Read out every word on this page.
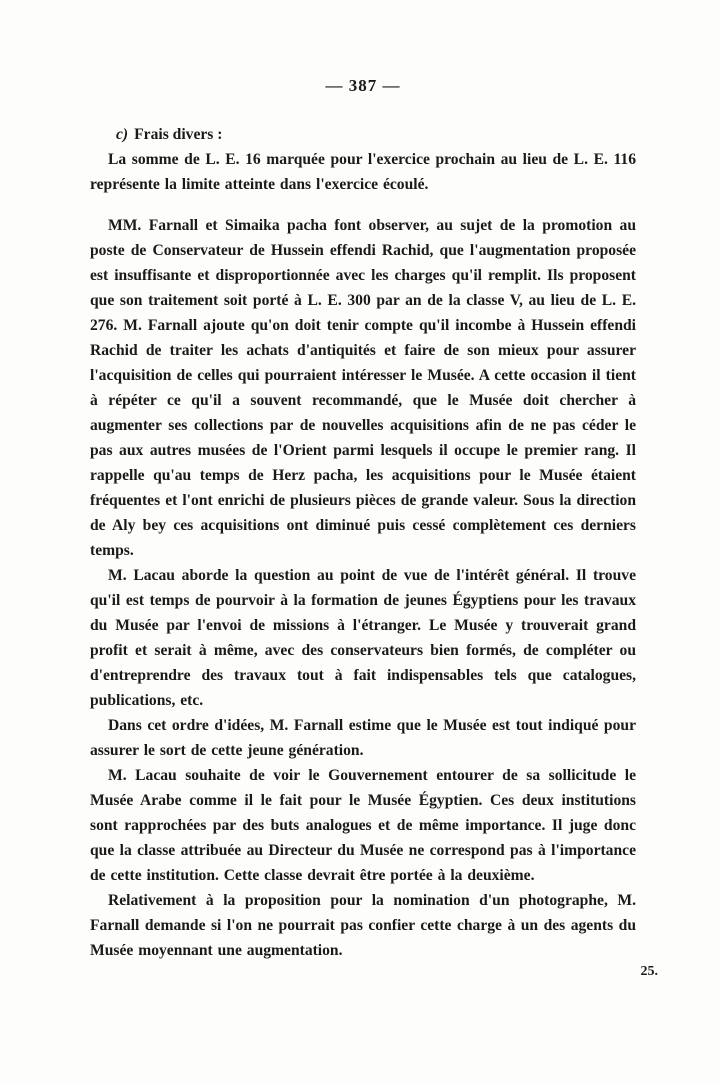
— 387 —

c) Frais divers :

La somme de L. E. 16 marquée pour l'exercice prochain au lieu de L. E. 116 représente la limite atteinte dans l'exercice écoulé.

MM. Farnall et Simaika pacha font observer, au sujet de la promotion au poste de Conservateur de Hussein effendi Rachid, que l'augmentation proposée est insuffisante et disproportionnée avec les charges qu'il remplit. Ils proposent que son traitement soit porté à L. E. 300 par an de la classe V, au lieu de L. E. 276. M. Farnall ajoute qu'on doit tenir compte qu'il incombe à Hussein effendi Rachid de traiter les achats d'antiquités et faire de son mieux pour assurer l'acquisition de celles qui pourraient intéresser le Musée. A cette occasion il tient à répéter ce qu'il a souvent recommandé, que le Musée doit chercher à augmenter ses collections par de nouvelles acquisitions afin de ne pas céder le pas aux autres musées de l'Orient parmi lesquels il occupe le premier rang. Il rappelle qu'au temps de Herz pacha, les acquisitions pour le Musée étaient fréquentes et l'ont enrichi de plusieurs pièces de grande valeur. Sous la direction de Aly bey ces acquisitions ont diminué puis cessé complètement ces derniers temps.

M. Lacau aborde la question au point de vue de l'intérêt général. Il trouve qu'il est temps de pourvoir à la formation de jeunes Égyptiens pour les travaux du Musée par l'envoi de missions à l'étranger. Le Musée y trouverait grand profit et serait à même, avec des conservateurs bien formés, de compléter ou d'entreprendre des travaux tout à fait indispensables tels que catalogues, publications, etc.

Dans cet ordre d'idées, M. Farnall estime que le Musée est tout indiqué pour assurer le sort de cette jeune génération.

M. Lacau souhaite de voir le Gouvernement entourer de sa sollicitude le Musée Arabe comme il le fait pour le Musée Égyptien. Ces deux institutions sont rapprochées par des buts analogues et de même importance. Il juge donc que la classe attribuée au Directeur du Musée ne correspond pas à l'importance de cette institution. Cette classe devrait être portée à la deuxième.

Relativement à la proposition pour la nomination d'un photographe, M. Farnall demande si l'on ne pourrait pas confier cette charge à un des agents du Musée moyennant une augmentation.

25.
